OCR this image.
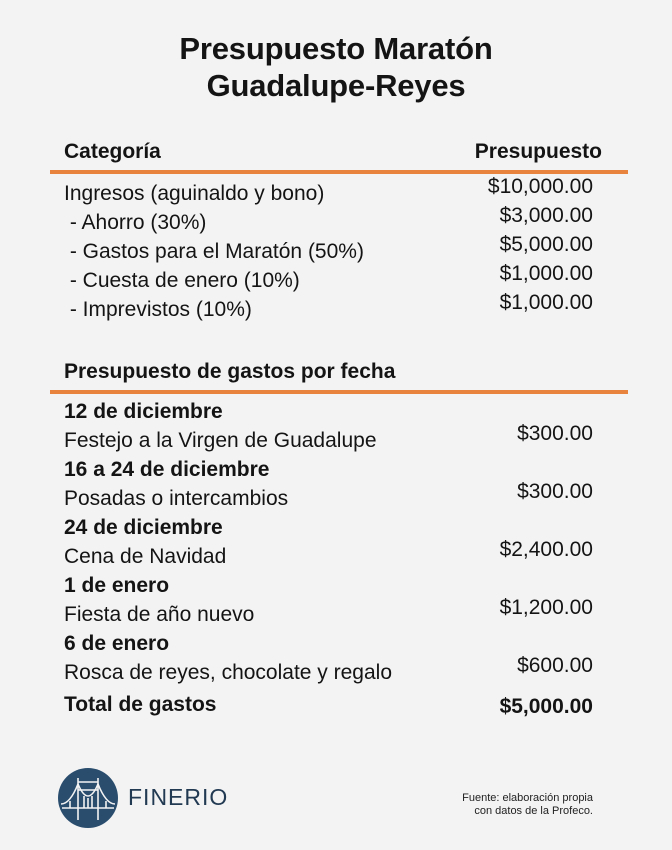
Presupuesto Maratón
Guadalupe-Reyes
Categoría	Presupuesto
Ingresos (aguinaldo y bono)	$10,000.00
- Ahorro (30%)	$3,000.00
- Gastos para el Maratón (50%)	$5,000.00
- Cuesta de enero (10%)	$1,000.00
- Imprevistos (10%)	$1,000.00
Presupuesto de gastos por fecha
12 de diciembre
Festejo a la Virgen de Guadalupe	$300.00
16 a 24 de diciembre
Posadas o intercambios	$300.00
24 de diciembre
Cena de Navidad	$2,400.00
1 de enero
Fiesta de año nuevo	$1,200.00
6 de enero
Rosca de reyes, chocolate y regalo	$600.00
Total de gastos	$5,000.00
FINERIO	Fuente: elaboración propia
con datos de la Profeco.
